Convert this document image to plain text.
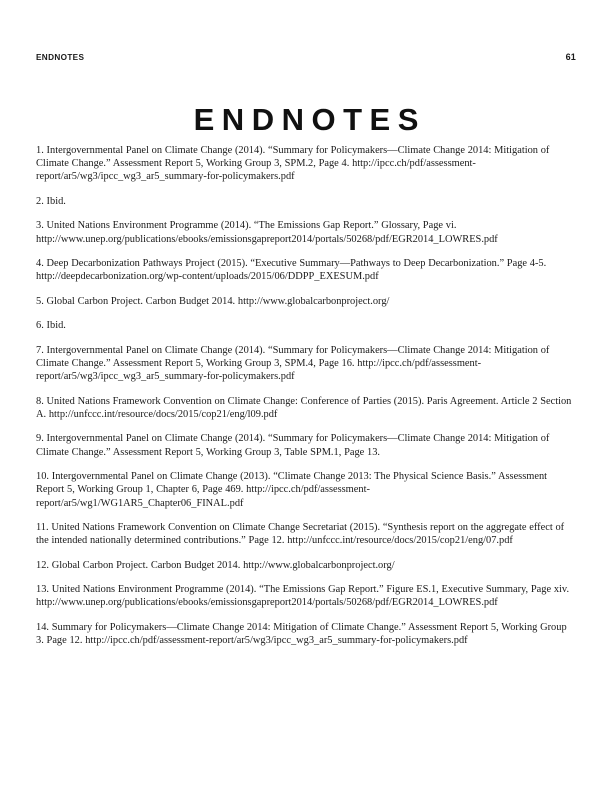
ENDNOTES	61
ENDNOTES

1. Intergovernmental Panel on Climate Change (2014). “Summary for Policymakers—Climate Change 2014: Mitigation of Climate Change.” Assessment Report 5, Working Group 3, SPM.2, Page 4. http://ipcc.ch/pdf/assessment-report/ar5/wg3/ipcc_wg3_ar5_summary-for-policymakers.pdf

2. Ibid.

3. United Nations Environment Programme (2014). “The Emissions Gap Report.” Glossary, Page vi. http://www.unep.org/publications/ebooks/emissionsgapreport2014/portals/50268/pdf/EGR2014_LOWRES.pdf

4. Deep Decarbonization Pathways Project (2015). “Executive Summary—Pathways to Deep Decarbonization.” Page 4-5. http://deepdecarbonization.org/wp-content/uploads/2015/06/DDPP_EXESUM.pdf

5. Global Carbon Project. Carbon Budget 2014. http://www.globalcarbonproject.org/

6. Ibid.

7. Intergovernmental Panel on Climate Change (2014). “Summary for Policymakers—Climate Change 2014: Mitigation of Climate Change.” Assessment Report 5, Working Group 3, SPM.4, Page 16. http://ipcc.ch/pdf/assessment-report/ar5/wg3/ipcc_wg3_ar5_summary-for-policymakers.pdf

8. United Nations Framework Convention on Climate Change: Conference of Parties (2015). Paris Agreement. Article 2 Section A. http://unfccc.int/resource/docs/2015/cop21/eng/l09.pdf

9. Intergovernmental Panel on Climate Change (2014). “Summary for Policymakers—Climate Change 2014: Mitigation of Climate Change.” Assessment Report 5, Working Group 3, Table SPM.1, Page 13.

10. Intergovernmental Panel on Climate Change (2013). “Climate Change 2013: The Physical Science Basis.” Assessment Report 5, Working Group 1, Chapter 6, Page 469. http://ipcc.ch/pdf/assessment-report/ar5/wg1/WG1AR5_Chapter06_FINAL.pdf

11. United Nations Framework Convention on Climate Change Secretariat (2015). “Synthesis report on the aggregate effect of the intended nationally determined contributions.” Page 12. http://unfccc.int/resource/docs/2015/cop21/eng/07.pdf

12. Global Carbon Project. Carbon Budget 2014. http://www.globalcarbonproject.org/

13. United Nations Environment Programme (2014). “The Emissions Gap Report.” Figure ES.1, Executive Summary, Page xiv. http://www.unep.org/publications/ebooks/emissionsgapreport2014/portals/50268/pdf/EGR2014_LOWRES.pdf

14. Summary for Policymakers—Climate Change 2014: Mitigation of Climate Change.” Assessment Report 5, Working Group 3. Page 12. http://ipcc.ch/pdf/assessment-report/ar5/wg3/ipcc_wg3_ar5_summary-for-policymakers.pdf
